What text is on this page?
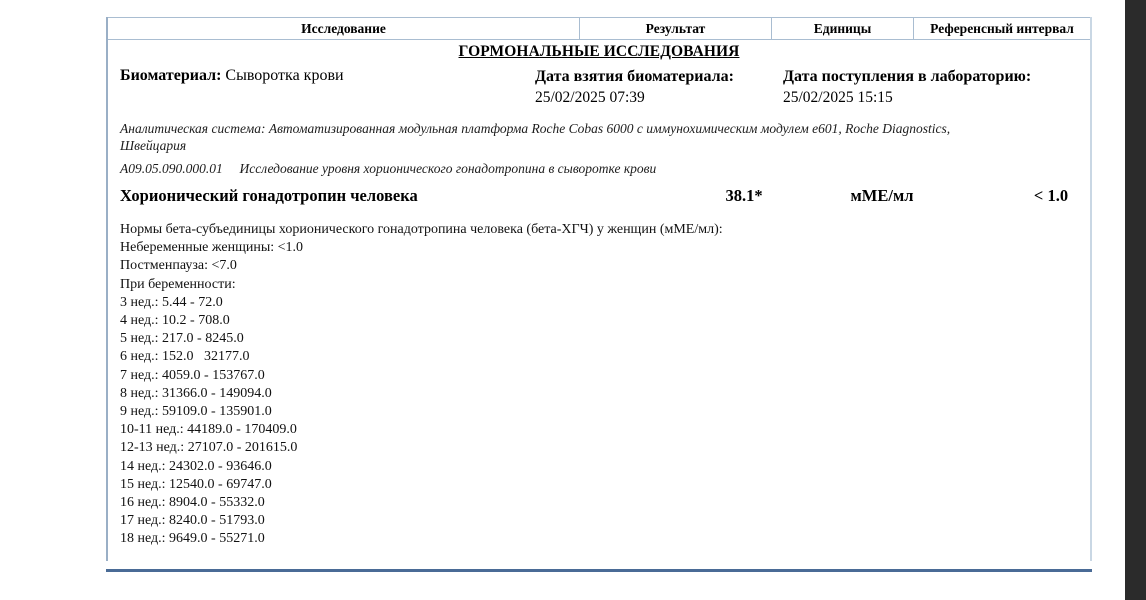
Исследование	Результат	Единицы	Референсный интервал
ГОРМОНАЛЬНЫЕ ИССЛЕДОВАНИЯ
Биоматериал: Сыворотка крови	Дата взятия биоматериала:
25/02/2025 07:39
Дата поступления в лабораторию:
25/02/2025 15:15
Аналитическая система: Автоматизированная модульная платформа Roche Cobas 6000 с иммунохимическим модулем e601, Roche Diagnostics,
Швейцария
A09.05.090.000.01 Исследование уровня хорионического гонадотропина в сыворотке крови
Хорионический гонадотропин человека	38.1*	мМЕ/мл	< 1.0
Нормы бета-субъединицы хорионического гонадотропина человека (бета-ХГЧ) у женщин (мМЕ/мл):
Небеременные женщины: <1.0
Постменпауза: <7.0
При беременности:
3 нед.: 5.44 - 72.0
4 нед.: 10.2 - 708.0
5 нед.: 217.0 - 8245.0
6 нед.: 152.0   32177.0
7 нед.: 4059.0 - 153767.0
8 нед.: 31366.0 - 149094.0
9 нед.: 59109.0 - 135901.0
10-11 нед.: 44189.0 - 170409.0
12-13 нед.: 27107.0 - 201615.0
14 нед.: 24302.0 - 93646.0
15 нед.: 12540.0 - 69747.0
16 нед.: 8904.0 - 55332.0
17 нед.: 8240.0 - 51793.0
18 нед.: 9649.0 - 55271.0
